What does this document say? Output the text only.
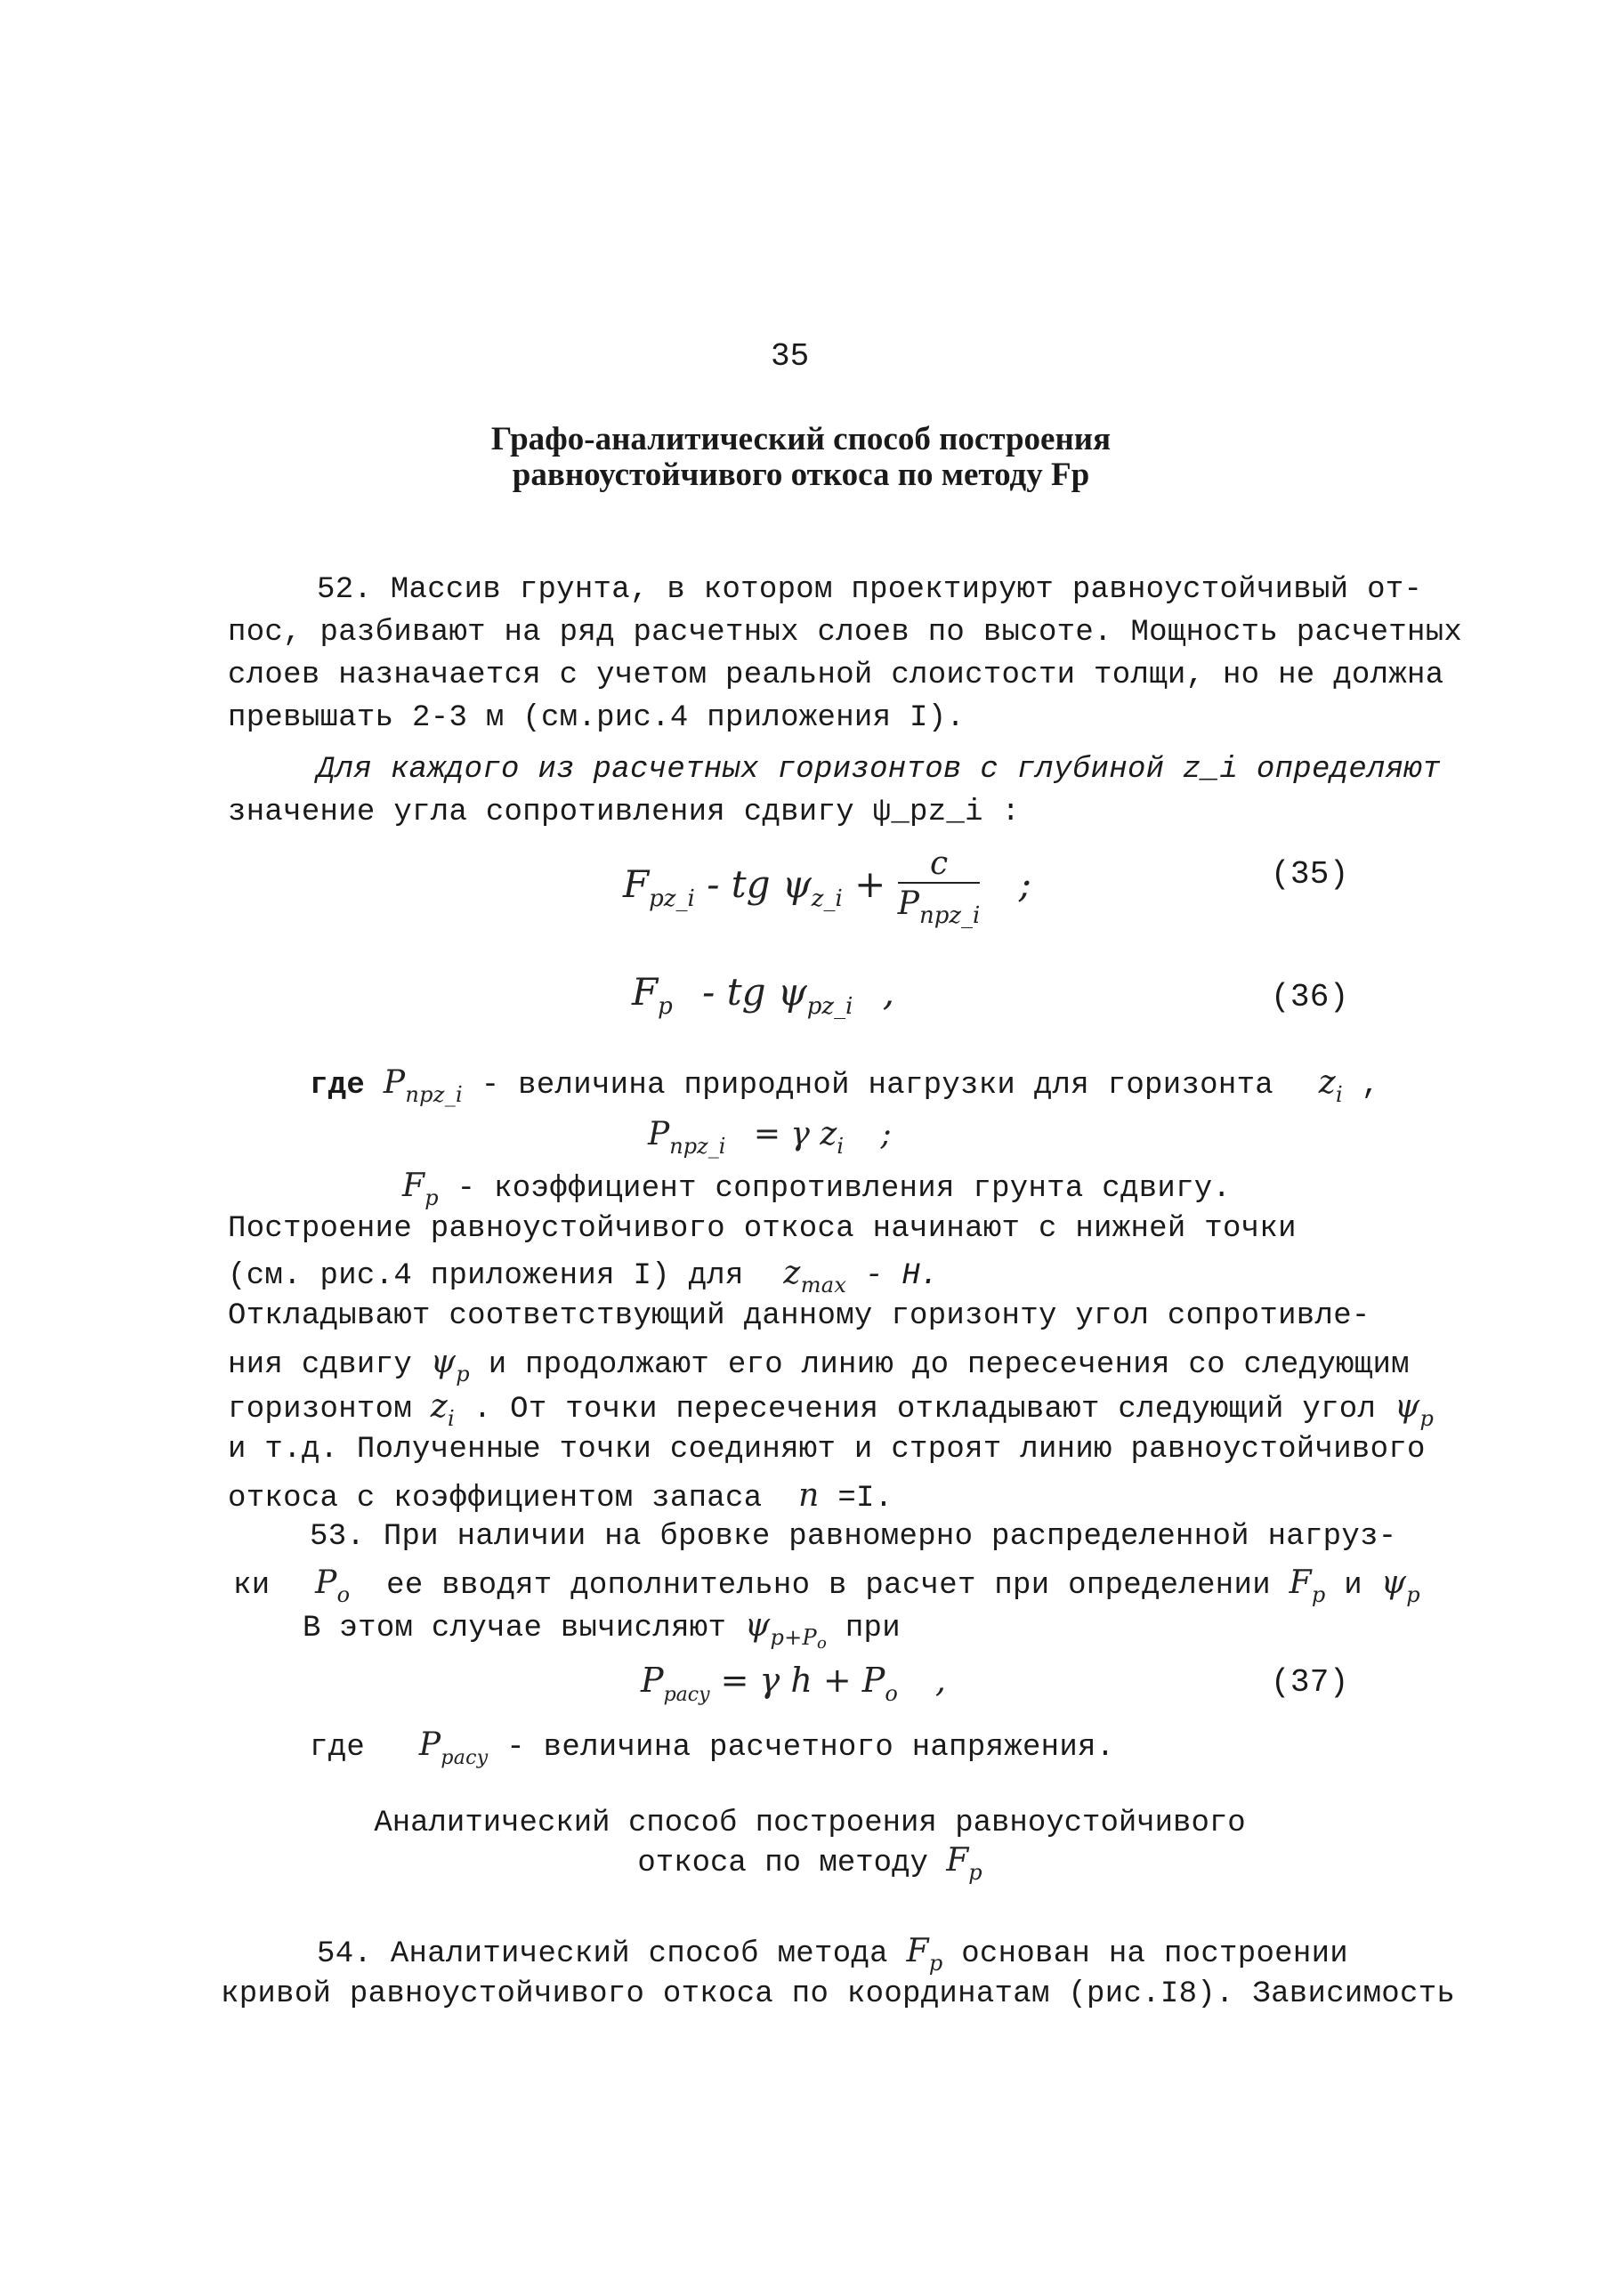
35
Графо-аналитический способ построения
равноустойчивого откоса по методу Fp
52. Массив грунта, в котором проектируют равноустойчивый от-
пос, разбивают на ряд расчетных слоев по высоте. Мощность расчетных
слоев назначается с учетом реальной слоистости толщи, но не должна
превышать 2-3 м (см.рис.4 приложения I).
Для каждого из расчетных горизонтов с глубиной z_i определяют
значение угла сопротивления сдвигу ψ_pz_i :
$F_{pz\_i}$ - tg $\psi_{z\_i} + \frac{c}{P_{npz\_i}}$ ;	(35)
$F_p$ - tg $\psi_{pz\_i}$ ,	(36)
где $P_{npz\_i}$ - величина природной нагрузки для горизонта $z_i$ ,
$P_{npz\_i} = \gamma$ $z_i$ ;
$F_p$ - коэффициент сопротивления грунта сдвигу.
Построение равноустойчивого откоса начинают с нижней точки
(см. рис.4 приложения I) для $z_{max}$ - H.
Откладывают соответствующий данному горизонту угол сопротивле-
ния сдвигу $\psi_p$ и продолжают его линию до пересечения со следующим
горизонтом $z_i$ . От точки пересечения откладывают следующий угол $\psi_p$
и т.д. Полученные точки соединяют и строят линию равноустойчивого
откоса с коэффициентом запаса n =I.
53. При наличии на бровке равномерно распределенной нагруз-
ки $P_o$ ее вводят дополнительно в расчет при определении $F_p$ и $\psi_p$
В этом случае вычисляют $\psi_{p+Po}$ при
$P_{pacy} = \gamma$ $h + P_o$ ,	(37)
где $P_{pacy}$ - величина расчетного напряжения.
Аналитический способ построения равноустойчивого
откоса по методу $F_p$
54. Аналитический способ метода $F_p$ основан на построении
кривой равноустойчивого откоса по координатам (рис.I8). Зависимость
